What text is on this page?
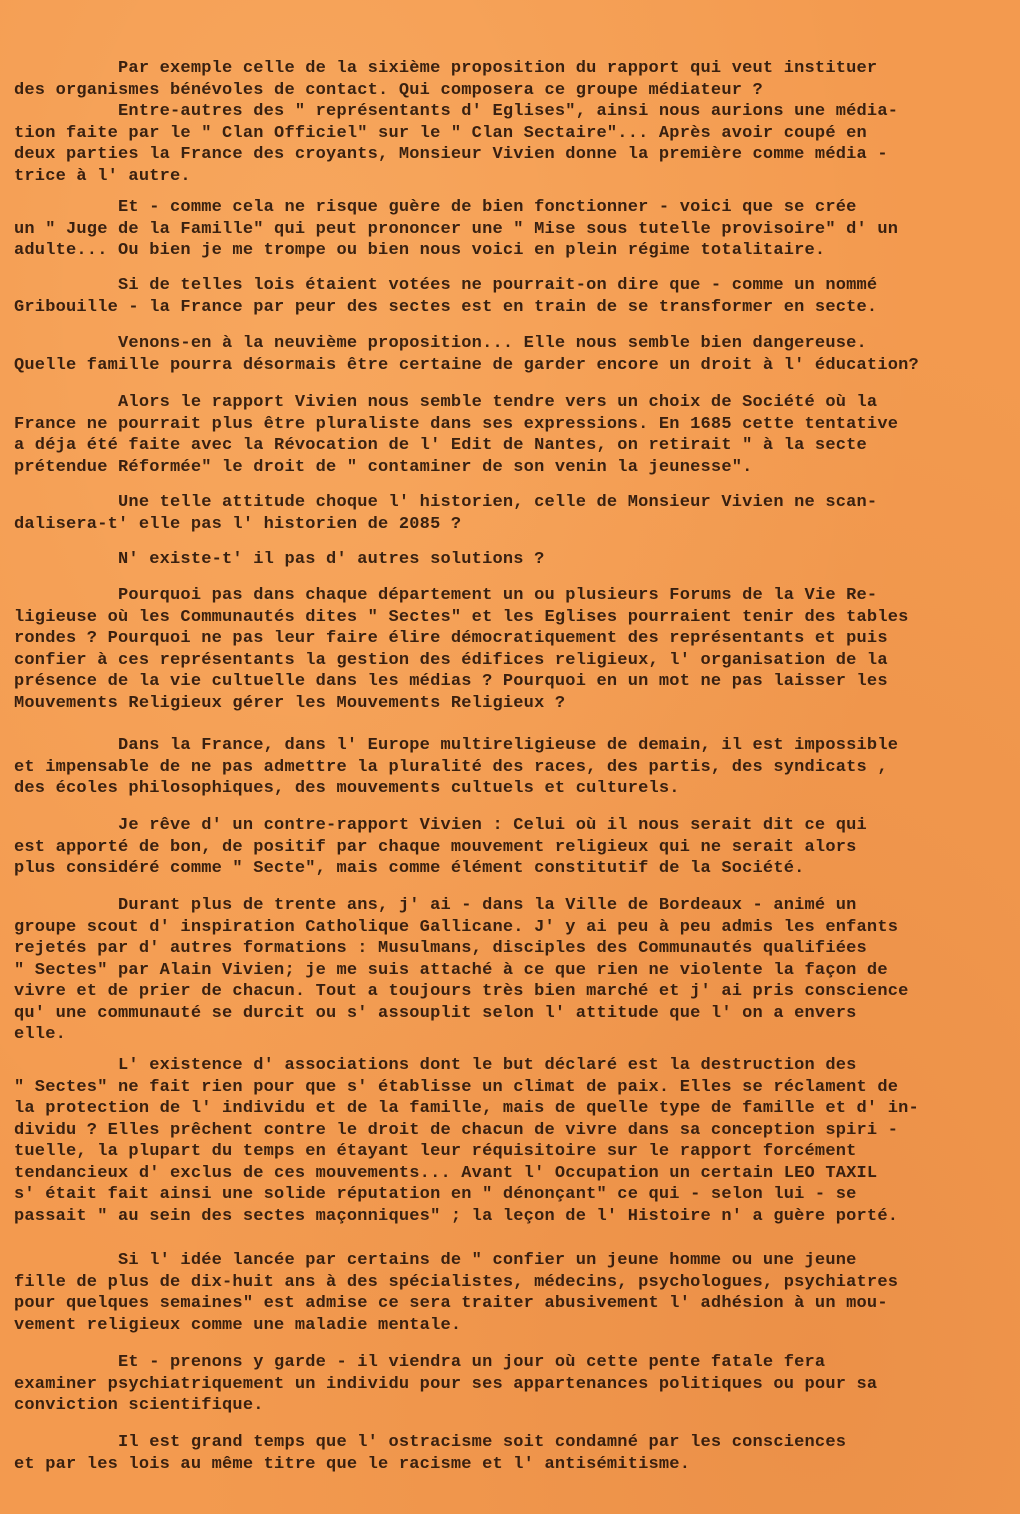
Par exemple celle de la sixième proposition du rapport qui veut instituer
des organismes bénévoles de contact. Qui composera ce groupe médiateur ?
Entre-autres des " représentants d' Eglises", ainsi nous aurions une média-
tion faite par le " Clan Officiel" sur le " Clan Sectaire"... Après avoir coupé en
deux parties la France des croyants, Monsieur Vivien donne la première comme média -
trice à l' autre.
Et - comme cela ne risque guère de bien fonctionner - voici que se crée
un " Juge de la Famille" qui peut prononcer une " Mise sous tutelle provisoire" d' un
adulte... Ou bien je me trompe ou bien nous voici en plein régime totalitaire.
Si de telles lois étaient votées ne pourrait-on dire que - comme un nommé
Gribouille - la France par peur des sectes est en train de se transformer en secte.
Venons-en à la neuvième proposition... Elle nous semble bien dangereuse.
Quelle famille pourra désormais être certaine de garder encore un droit à l' éducation?
Alors le rapport Vivien nous semble tendre vers un choix de Société où la
France ne pourrait plus être pluraliste dans ses expressions. En 1685 cette tentative
a déja été faite avec la Révocation de l' Edit de Nantes, on retirait " à la secte
prétendue Réformée" le droit de " contaminer de son venin la jeunesse".
Une telle attitude choque l' historien, celle de Monsieur Vivien ne scan-
dalisera-t' elle pas l' historien de 2085 ?
N' existe-t' il pas d' autres solutions ?
Pourquoi pas dans chaque département un ou plusieurs Forums de la Vie Re-
ligieuse où les Communautés dites " Sectes" et les Eglises pourraient tenir des tables
rondes ? Pourquoi ne pas leur faire élire démocratiquement des représentants et puis
confier à ces représentants la gestion des édifices religieux, l' organisation de la
présence de la vie cultuelle dans les médias ? Pourquoi en un mot ne pas laisser les
Mouvements Religieux gérer les Mouvements Religieux ?
Dans la France, dans l' Europe multireligieuse de demain, il est impossible
et impensable de ne pas admettre la pluralité des races, des partis, des syndicats ,
des écoles philosophiques, des mouvements cultuels et culturels.
Je rêve d' un contre-rapport Vivien : Celui où il nous serait dit ce qui
est apporté de bon, de positif par chaque mouvement religieux qui ne serait alors
plus considéré comme " Secte", mais comme élément constitutif de la Société.
Durant plus de trente ans, j' ai - dans la Ville de Bordeaux - animé un
groupe scout d' inspiration Catholique Gallicane. J' y ai peu à peu admis les enfants
rejetés par d' autres formations : Musulmans, disciples des Communautés qualifiées
" Sectes" par Alain Vivien; je me suis attaché à ce que rien ne violente la façon de
vivre et de prier de chacun. Tout a toujours très bien marché et j' ai pris conscience
qu' une communauté se durcit ou s' assouplit selon l' attitude que l' on a envers
elle.
L' existence d' associations dont le but déclaré est la destruction des
" Sectes" ne fait rien pour que s' établisse un climat de paix. Elles se réclament de
la protection de l' individu et de la famille, mais de quelle type de famille et d' in-
dividu ? Elles prêchent contre le droit de chacun de vivre dans sa conception spiri -
tuelle, la plupart du temps en étayant leur réquisitoire sur le rapport forcément
tendancieux d' exclus de ces mouvements... Avant l' Occupation un certain LEO TAXIL
s' était fait ainsi une solide réputation en " dénonçant" ce qui - selon lui - se
passait " au sein des sectes maçonniques" ; la leçon de l' Histoire n' a guère porté.
Si l' idée lancée par certains de " confier un jeune homme ou une jeune
fille de plus de dix-huit ans à des spécialistes, médecins, psychologues, psychiatres
pour quelques semaines" est admise ce sera traiter abusivement l' adhésion à un mou-
vement religieux comme une maladie mentale.
Et - prenons y garde - il viendra un jour où cette pente fatale fera
examiner psychiatriquement un individu pour ses appartenances politiques ou pour sa
conviction scientifique.
Il est grand temps que l' ostracisme soit condamné par les consciences
et par les lois au même titre que le racisme et l' antisémitisme.
